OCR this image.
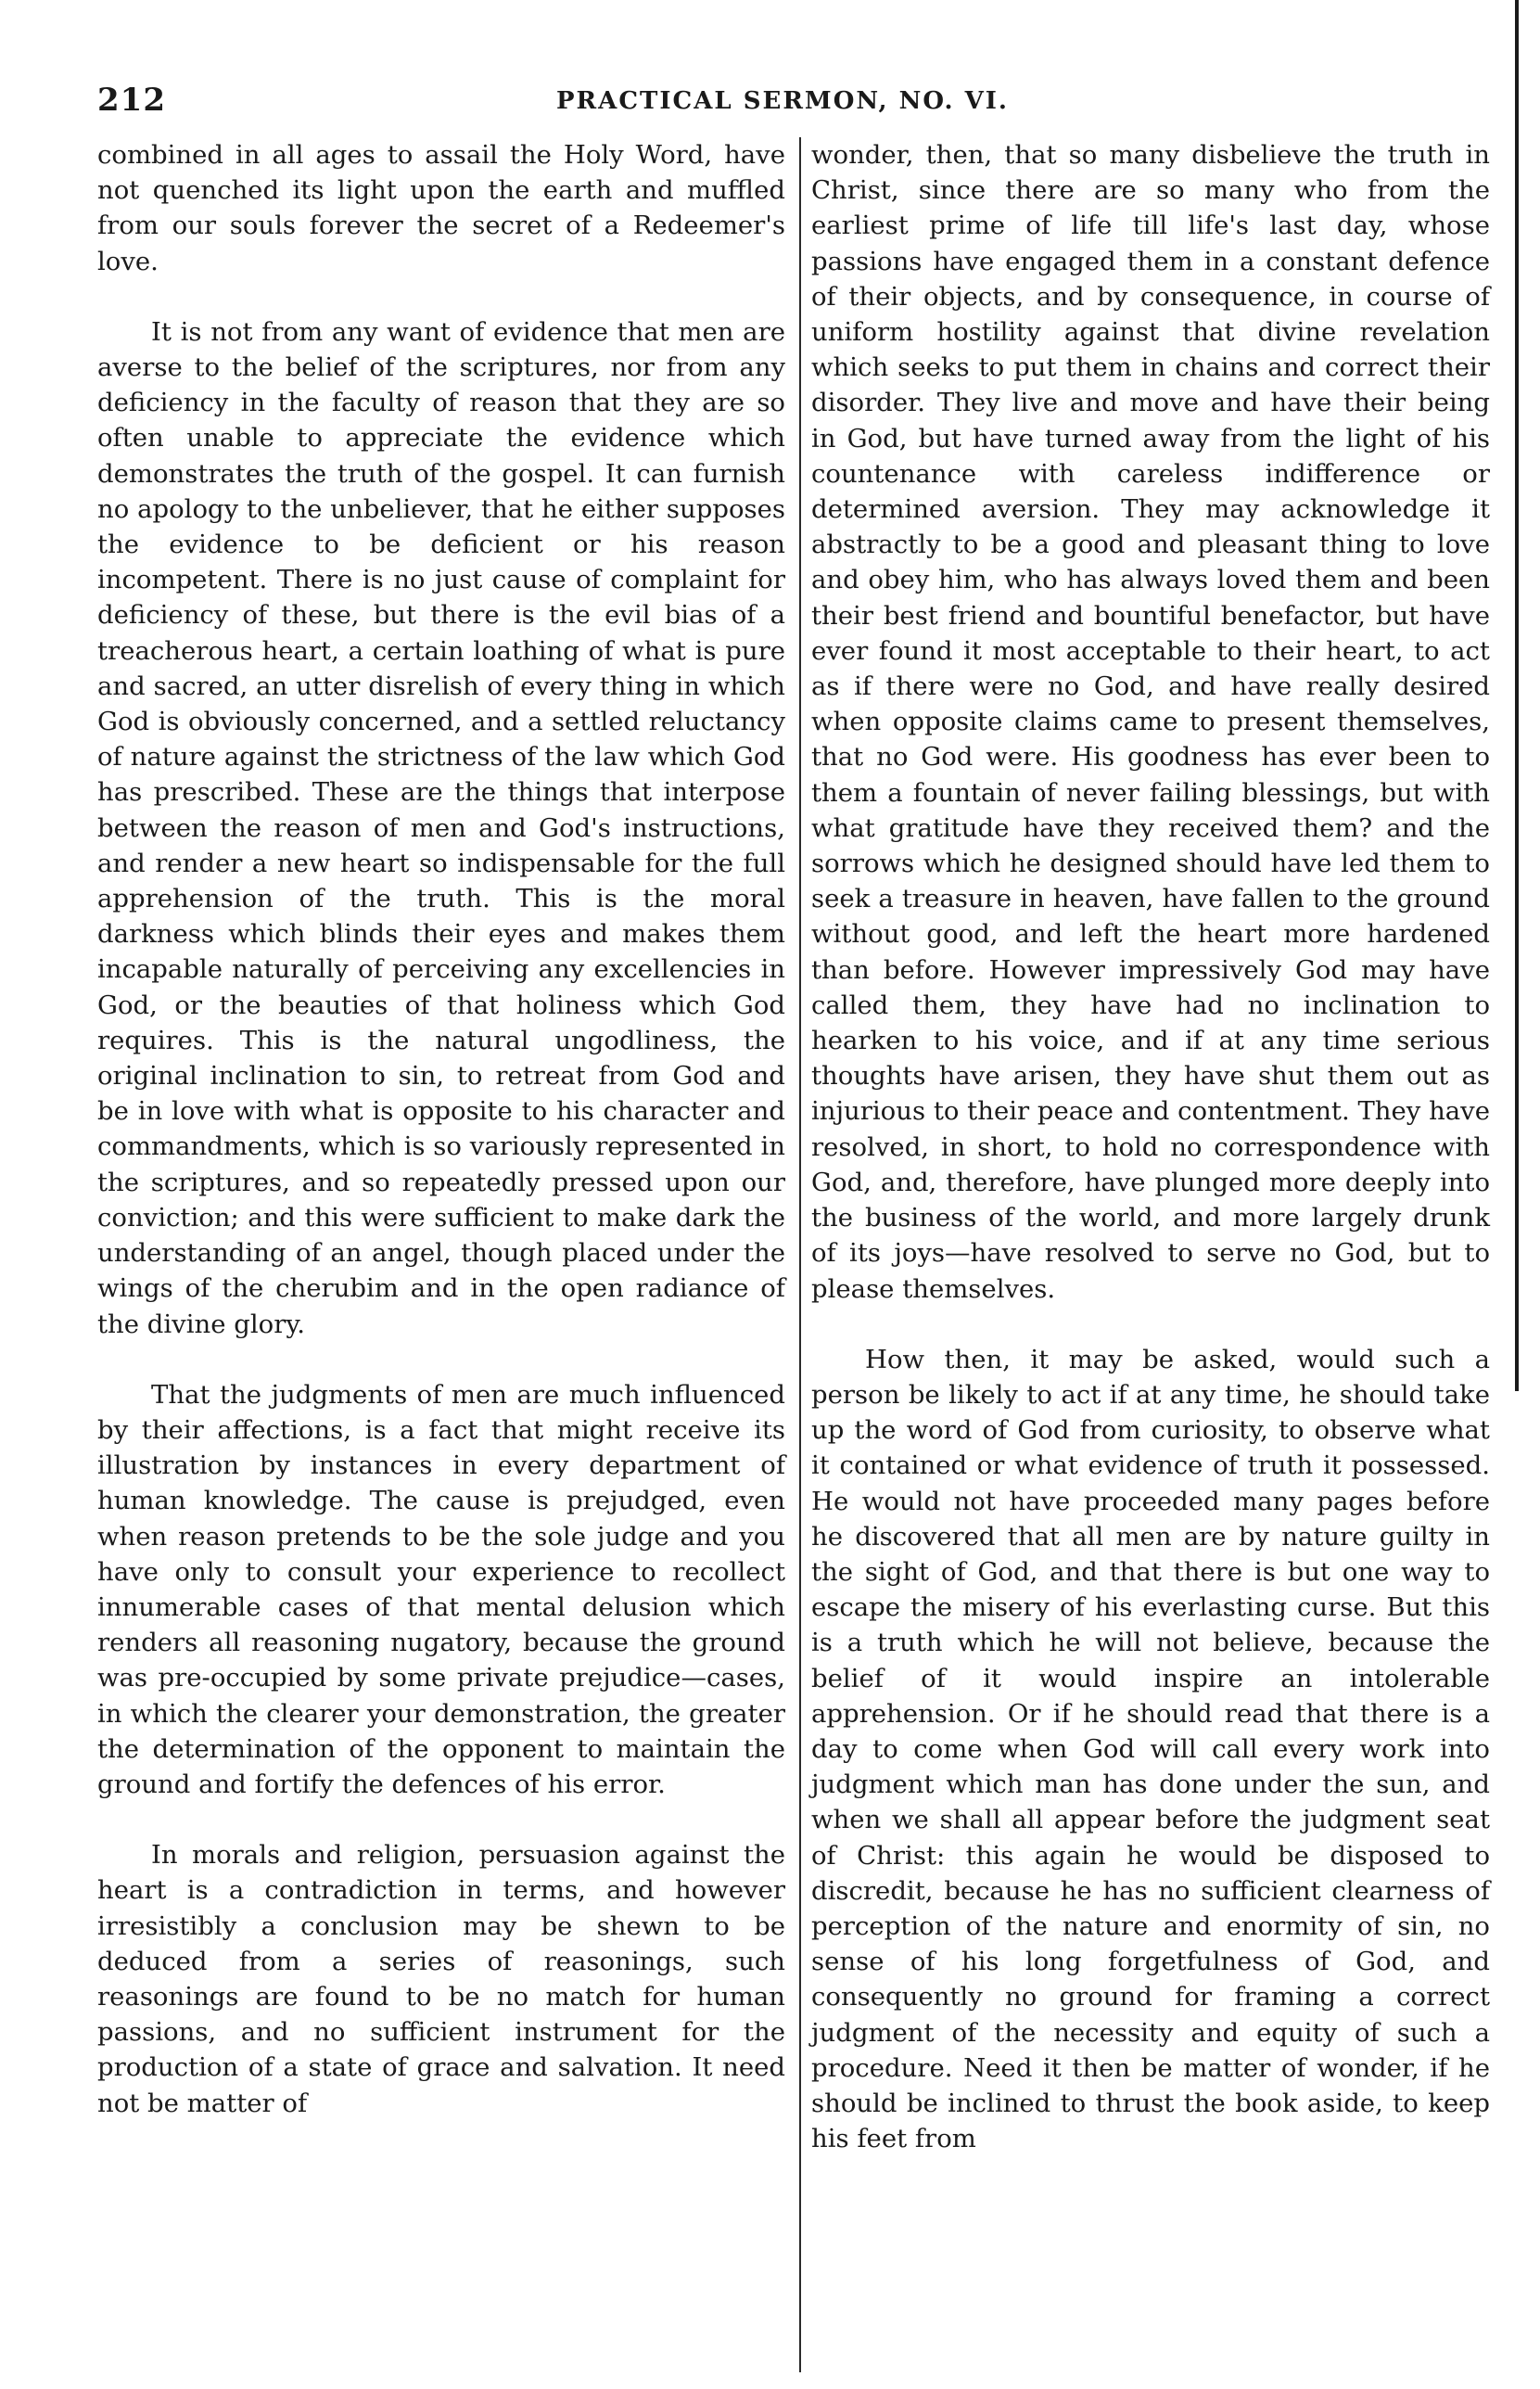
212	PRACTICAL SERMON, NO. VI.

combined in all ages to assail the Holy Word, have not quenched its light upon the earth and muffled from our souls forever the secret of a Redeemer's love.

It is not from any want of evidence that men are averse to the belief of the scriptures, nor from any deficiency in the faculty of reason that they are so often unable to appreciate the evidence which demonstrates the truth of the gospel. It can furnish no apology to the unbeliever, that he either supposes the evidence to be deficient or his reason incompetent. There is no just cause of complaint for deficiency of these, but there is the evil bias of a treacherous heart, a certain loathing of what is pure and sacred, an utter disrelish of every thing in which God is obviously concerned, and a settled reluctancy of nature against the strictness of the law which God has prescribed. These are the things that interpose between the reason of men and God's instructions, and render a new heart so indispensable for the full apprehension of the truth. This is the moral darkness which blinds their eyes and makes them incapable naturally of perceiving any excellencies in God, or the beauties of that holiness which God requires. This is the natural ungodliness, the original inclination to sin, to retreat from God and be in love with what is opposite to his character and commandments, which is so variously represented in the scriptures, and so repeatedly pressed upon our conviction; and this were sufficient to make dark the understanding of an angel, though placed under the wings of the cherubim and in the open radiance of the divine glory.

That the judgments of men are much influenced by their affections, is a fact that might receive its illustration by instances in every department of human knowledge. The cause is prejudged, even when reason pretends to be the sole judge and you have only to consult your experience to recollect innumerable cases of that mental delusion which renders all reasoning nugatory, because the ground was pre-occupied by some private prejudice—cases, in which the clearer your demonstration, the greater the determination of the opponent to maintain the ground and fortify the defences of his error.

In morals and religion, persuasion against the heart is a contradiction in terms, and however irresistibly a conclusion may be shewn to be deduced from a series of reasonings, such reasonings are found to be no match for human passions, and no sufficient instrument for the production of a state of grace and salvation. It need not be matter of

wonder, then, that so many disbelieve the truth in Christ, since there are so many who from the earliest prime of life till life's last day, whose passions have engaged them in a constant defence of their objects, and by consequence, in course of uniform hostility against that divine revelation which seeks to put them in chains and correct their disorder. They live and move and have their being in God, but have turned away from the light of his countenance with careless indifference or determined aversion. They may acknowledge it abstractly to be a good and pleasant thing to love and obey him, who has always loved them and been their best friend and bountiful benefactor, but have ever found it most acceptable to their heart, to act as if there were no God, and have really desired when opposite claims came to present themselves, that no God were. His goodness has ever been to them a fountain of never failing blessings, but with what gratitude have they received them? and the sorrows which he designed should have led them to seek a treasure in heaven, have fallen to the ground without good, and left the heart more hardened than before. However impressively God may have called them, they have had no inclination to hearken to his voice, and if at any time serious thoughts have arisen, they have shut them out as injurious to their peace and contentment. They have resolved, in short, to hold no correspondence with God, and, therefore, have plunged more deeply into the business of the world, and more largely drunk of its joys—have resolved to serve no God, but to please themselves.

How then, it may be asked, would such a person be likely to act if at any time, he should take up the word of God from curiosity, to observe what it contained or what evidence of truth it possessed. He would not have proceeded many pages before he discovered that all men are by nature guilty in the sight of God, and that there is but one way to escape the misery of his everlasting curse. But this is a truth which he will not believe, because the belief of it would inspire an intolerable apprehension. Or if he should read that there is a day to come when God will call every work into judgment which man has done under the sun, and when we shall all appear before the judgment seat of Christ: this again he would be disposed to discredit, because he has no sufficient clearness of perception of the nature and enormity of sin, no sense of his long forgetfulness of God, and consequently no ground for framing a correct judgment of the necessity and equity of such a procedure. Need it then be matter of wonder, if he should be inclined to thrust the book aside, to keep his feet from
